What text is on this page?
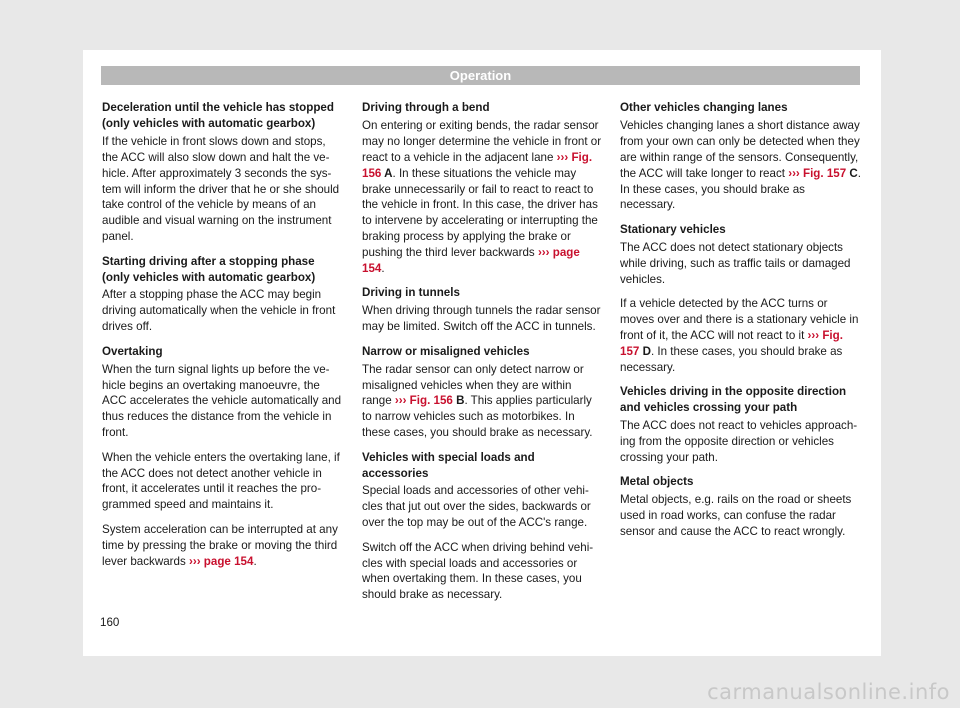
Operation

Deceleration until the vehicle has stopped (only vehicles with automatic gearbox)

If the vehicle in front slows down and stops, the ACC will also slow down and halt the vehicle. After approximately 3 seconds the system will inform the driver that he or she should take control of the vehicle by means of an audible and visual warning on the instrument panel.

Starting driving after a stopping phase (only vehicles with automatic gearbox)

After a stopping phase the ACC may begin driving automatically when the vehicle in front drives off.

Overtaking

When the turn signal lights up before the vehicle begins an overtaking manoeuvre, the ACC accelerates the vehicle automatically and thus reduces the distance from the vehicle in front.

When the vehicle enters the overtaking lane, if the ACC does not detect another vehicle in front, it accelerates until it reaches the programmed speed and maintains it.

System acceleration can be interrupted at any time by pressing the brake or moving the third lever backwards ››› page 154.

Driving through a bend

On entering or exiting bends, the radar sensor may no longer determine the vehicle in front or react to a vehicle in the adjacent lane ››› Fig. 156 A. In these situations the vehicle may brake unnecessarily or fail to react to react to the vehicle in front. In this case, the driver has to intervene by accelerating or interrupting the braking process by applying the brake or pushing the third lever backwards ››› page 154.

Driving in tunnels

When driving through tunnels the radar sensor may be limited. Switch off the ACC in tunnels.

Narrow or misaligned vehicles

The radar sensor can only detect narrow or misaligned vehicles when they are within range ››› Fig. 156 B. This applies particularly to narrow vehicles such as motorbikes. In these cases, you should brake as necessary.

Vehicles with special loads and accessories

Special loads and accessories of other vehicles that jut out over the sides, backwards or over the top may be out of the ACC's range.

Switch off the ACC when driving behind vehicles with special loads and accessories or when overtaking them. In these cases, you should brake as necessary.

Other vehicles changing lanes

Vehicles changing lanes a short distance away from your own can only be detected when they are within range of the sensors. Consequently, the ACC will take longer to react ››› Fig. 157 C. In these cases, you should brake as necessary.

Stationary vehicles

The ACC does not detect stationary objects while driving, such as traffic tails or damaged vehicles.

If a vehicle detected by the ACC turns or moves over and there is a stationary vehicle in front of it, the ACC will not react to it ››› Fig. 157 D. In these cases, you should brake as necessary.

Vehicles driving in the opposite direction and vehicles crossing your path

The ACC does not react to vehicles approaching from the opposite direction or vehicles crossing your path.

Metal objects

Metal objects, e.g. rails on the road or sheets used in road works, can confuse the radar sensor and cause the ACC to react wrongly.

160
carmanualsonline.info
